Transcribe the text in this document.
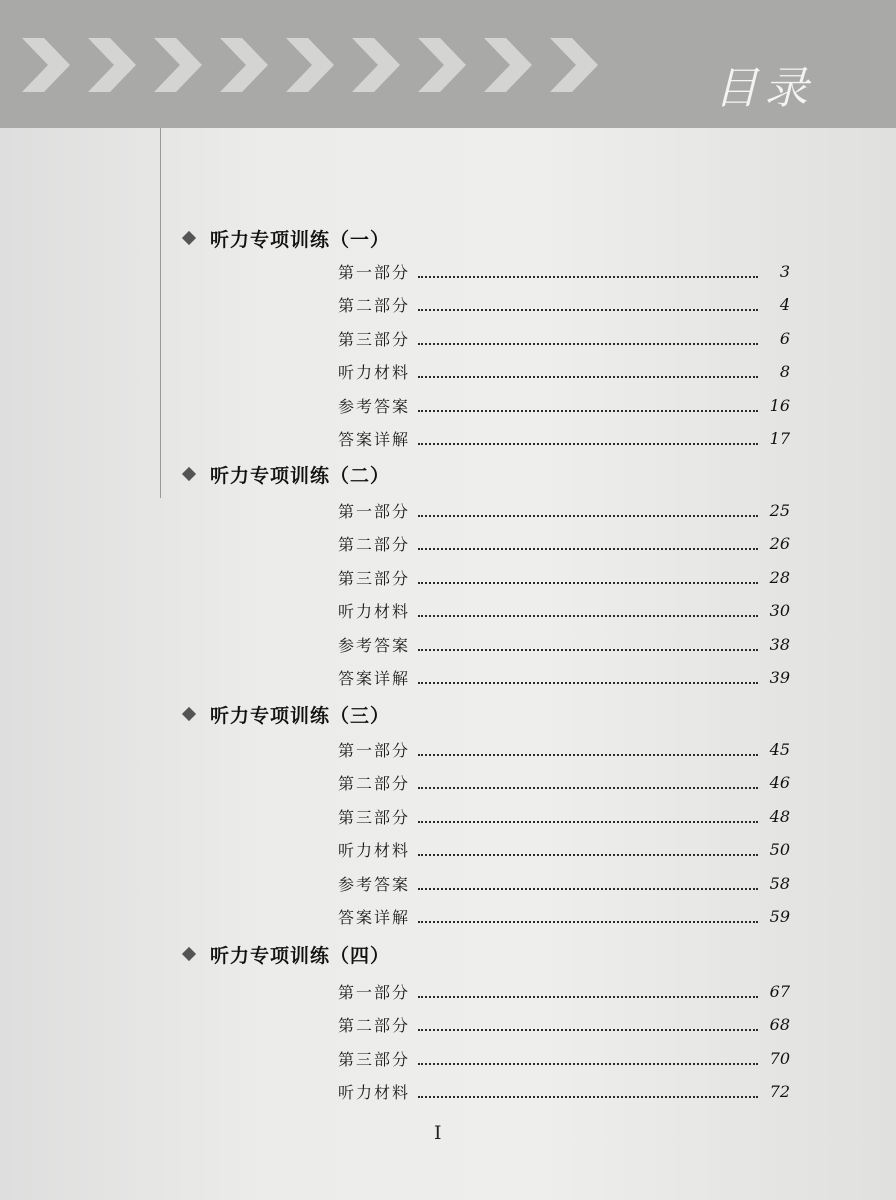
目录
听力专项训练（一）
第一部分	3
第二部分	4
第三部分	6
听力材料	8
参考答案	16
答案详解	17
听力专项训练（二）
第一部分	25
第二部分	26
第三部分	28
听力材料	30
参考答案	38
答案详解	39
听力专项训练（三）
第一部分	45
第二部分	46
第三部分	48
听力材料	50
参考答案	58
答案详解	59
听力专项训练（四）
第一部分	67
第二部分	68
第三部分	70
听力材料	72
I
